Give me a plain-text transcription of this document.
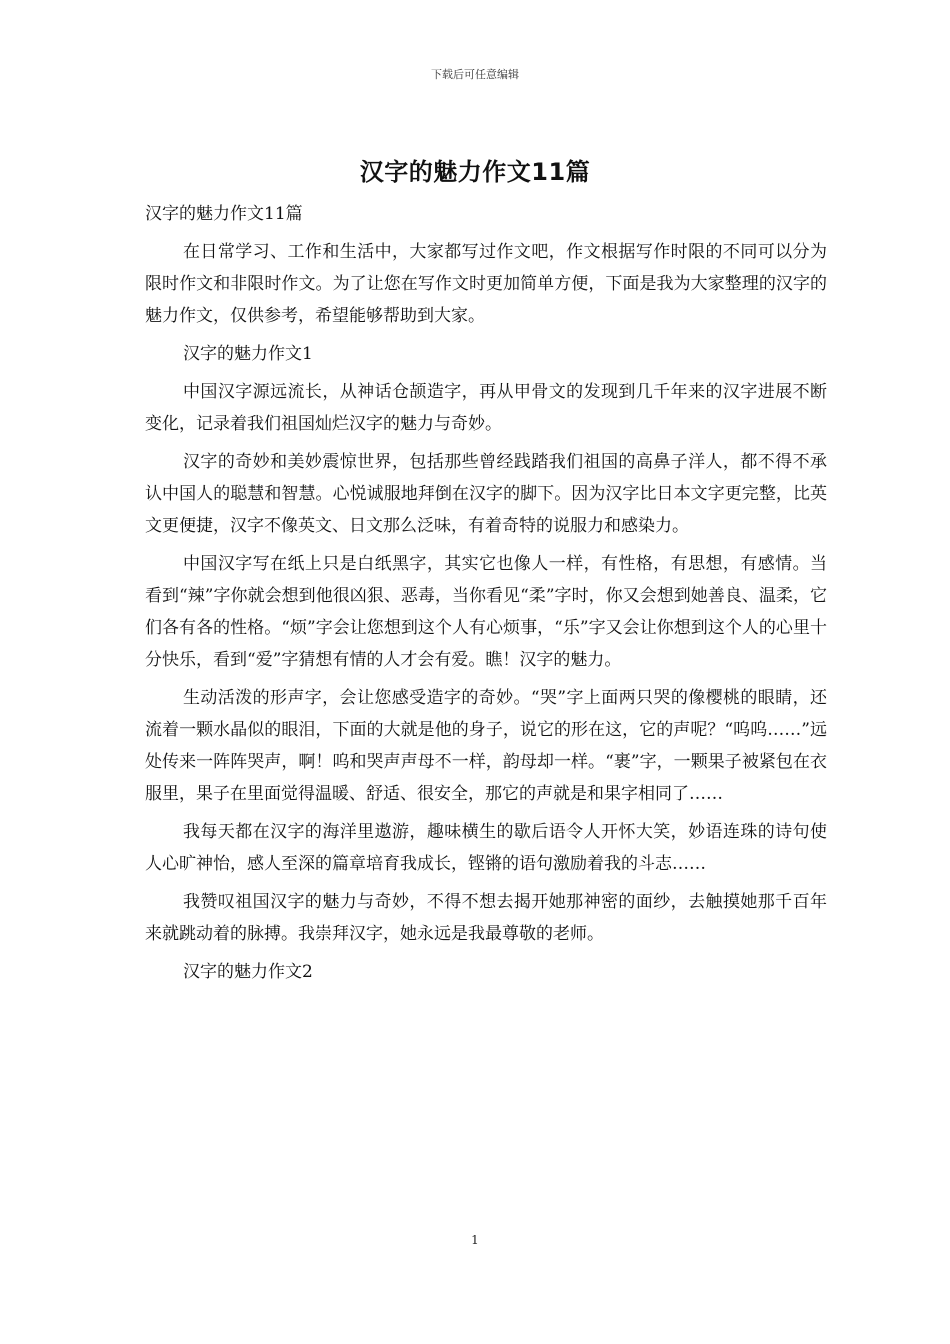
下载后可任意编辑
汉字的魅力作文11篇

汉字的魅力作文11篇

在日常学习、工作和生活中，大家都写过作文吧，作文根据写作时限的不同可以分为限时作文和非限时作文。为了让您在写作文时更加简单方便，下面是我为大家整理的汉字的魅力作文，仅供参考，希望能够帮助到大家。

汉字的魅力作文1

中国汉字源远流长，从神话仓颉造字，再从甲骨文的发现到几千年来的汉字进展不断变化，记录着我们祖国灿烂汉字的魅力与奇妙。

汉字的奇妙和美妙震惊世界，包括那些曾经践踏我们祖国的高鼻子洋人，都不得不承认中国人的聪慧和智慧。心悦诚服地拜倒在汉字的脚下。因为汉字比日本文字更完整，比英文更便捷，汉字不像英文、日文那么泛味，有着奇特的说服力和感染力。

中国汉字写在纸上只是白纸黑字，其实它也像人一样，有性格，有思想，有感情。当看到“辣”字你就会想到他很凶狠、恶毒，当你看见“柔”字时，你又会想到她善良、温柔，它们各有各的性格。“烦”字会让您想到这个人有心烦事，“乐”字又会让你想到这个人的心里十分快乐，看到“爱”字猜想有情的人才会有爱。瞧！汉字的魅力。

生动活泼的形声字，会让您感受造字的奇妙。“哭”字上面两只哭的像樱桃的眼睛，还流着一颗水晶似的眼泪，下面的大就是他的身子，说它的形在这，它的声呢？“呜呜……”远处传来一阵阵哭声，啊！呜和哭声声母不一样，韵母却一样。“裹”字，一颗果子被紧包在衣服里，果子在里面觉得温暖、舒适、很安全，那它的声就是和果字相同了……

我每天都在汉字的海洋里遨游，趣味横生的歇后语令人开怀大笑，妙语连珠的诗句使人心旷神怡，感人至深的篇章培育我成长，铿锵的语句激励着我的斗志……

我赞叹祖国汉字的魅力与奇妙，不得不想去揭开她那神密的面纱，去触摸她那千百年来就跳动着的脉搏。我崇拜汉字，她永远是我最尊敬的老师。

汉字的魅力作文2

1
